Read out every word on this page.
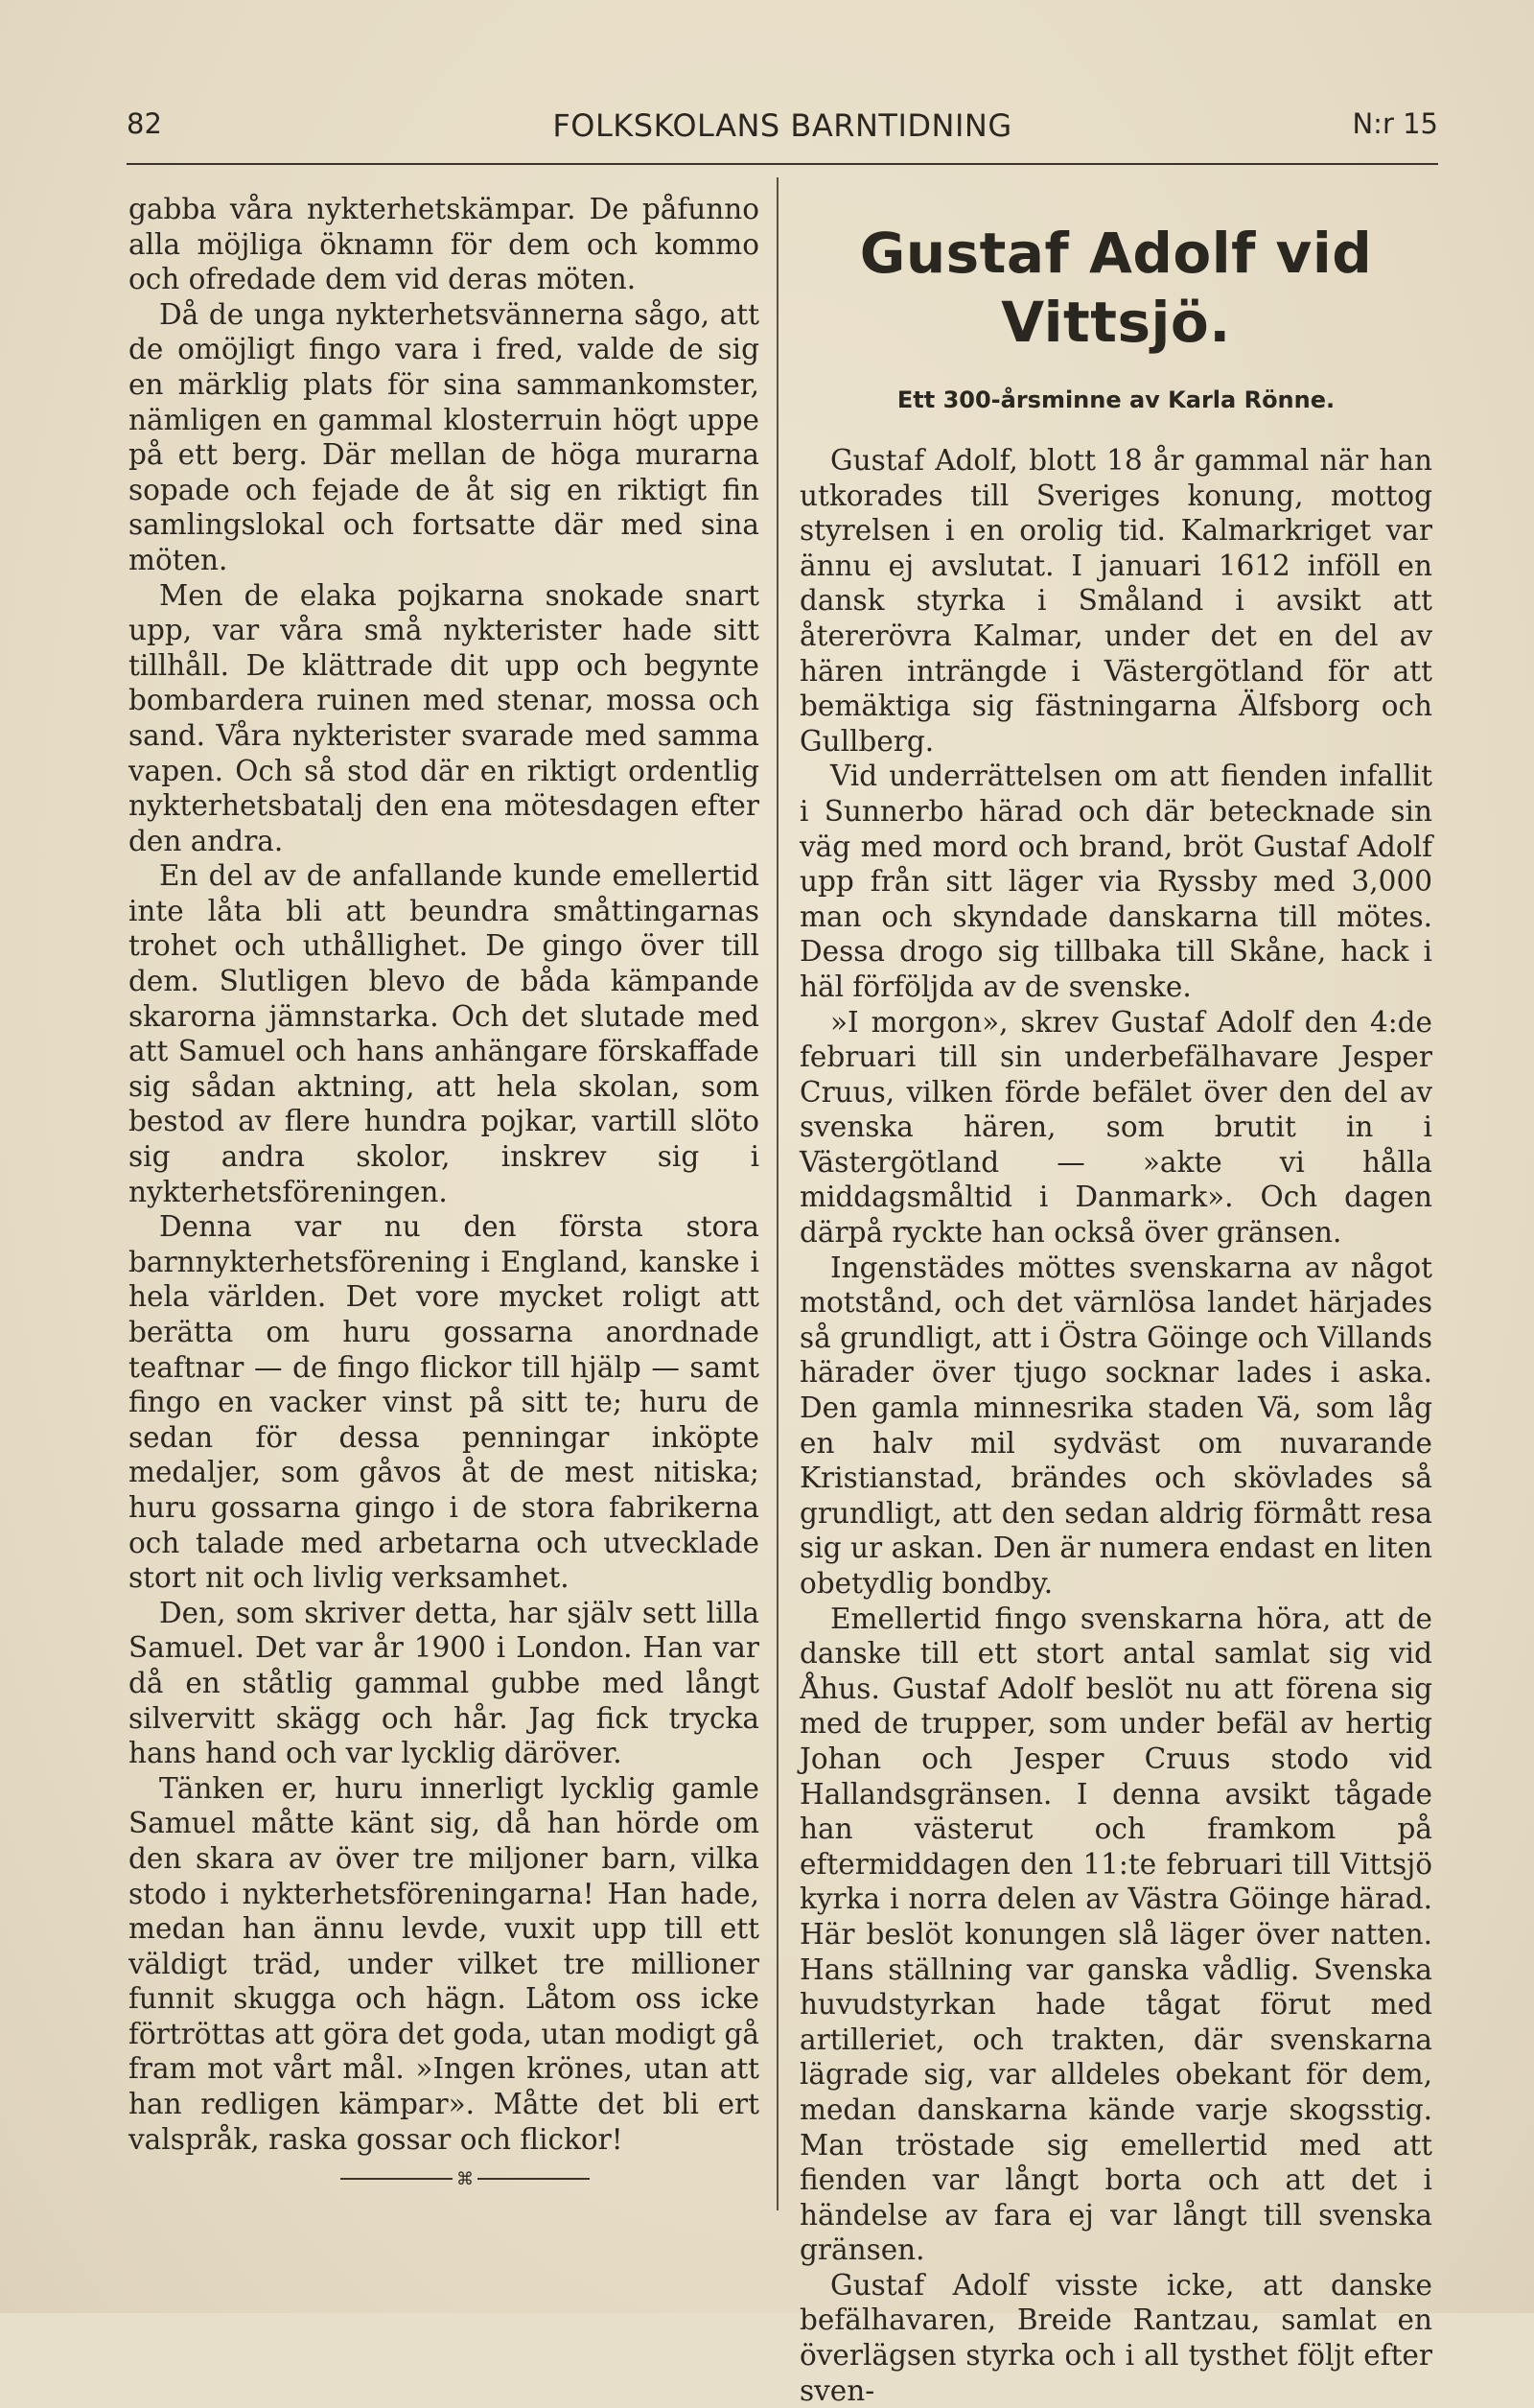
82	FOLKSKOLANS BARNTIDNING	N:r 15

gabba våra nykterhetskämpar. De påfunno alla möjliga öknamn för dem och kommo och ofredade dem vid deras möten.

Då de unga nykterhetsvännerna sågo, att de omöjligt fingo vara i fred, valde de sig en märklig plats för sina sammankomster, nämligen en gammal klosterruin högt uppe på ett berg. Där mellan de höga murarna sopade och fejade de åt sig en riktigt fin samlingslokal och fortsatte där med sina möten.

Men de elaka pojkarna snokade snart upp, var våra små nykterister hade sitt tillhåll. De klättrade dit upp och begynte bombardera ruinen med stenar, mossa och sand. Våra nykterister svarade med samma vapen. Och så stod där en riktigt ordentlig nykterhetsbatalj den ena mötesdagen efter den andra.

En del av de anfallande kunde emellertid inte låta bli att beundra småttingarnas trohet och uthållighet. De gingo över till dem. Slutligen blevo de båda kämpande skarorna jämnstarka. Och det slutade med att Samuel och hans anhängare förskaffade sig sådan aktning, att hela skolan, som bestod av flere hundra pojkar, vartill slöto sig andra skolor, inskrev sig i nykterhetsföreningen.

Denna var nu den första stora barnnykterhetsförening i England, kanske i hela världen. Det vore mycket roligt att berätta om huru gossarna anordnade teaftnar — de fingo flickor till hjälp — samt fingo en vacker vinst på sitt te; huru de sedan för dessa penningar inköpte medaljer, som gåvos åt de mest nitiska; huru gossarna gingo i de stora fabrikerna och talade med arbetarna och utvecklade stort nit och livlig verksamhet.

Den, som skriver detta, har själv sett lilla Samuel. Det var år 1900 i London. Han var då en ståtlig gammal gubbe med långt silvervitt skägg och hår. Jag fick trycka hans hand och var lycklig däröver.

Tänken er, huru innerligt lycklig gamle Samuel måtte känt sig, då han hörde om den skara av över tre miljoner barn, vilka stodo i nykterhetsföreningarna! Han hade, medan han ännu levde, vuxit upp till ett väldigt träd, under vilket tre millioner funnit skugga och hägn. Låtom oss icke förtröttas att göra det goda, utan modigt gå fram mot vårt mål. »Ingen krönes, utan att han redligen kämpar». Måtte det bli ert valspråk, raska gossar och flickor!

⌘
Gustaf Adolf vid Vittsjö.
Ett 300-årsminne av Karla Rönne.

Gustaf Adolf, blott 18 år gammal när han utkorades till Sveriges konung, mottog styrelsen i en orolig tid. Kalmarkriget var ännu ej avslutat. I januari 1612 inföll en dansk styrka i Småland i avsikt att återerövra Kalmar, under det en del av hären inträngde i Västergötland för att bemäktiga sig fästningarna Älfsborg och Gullberg.

Vid underrättelsen om att fienden infallit i Sunnerbo härad och där betecknade sin väg med mord och brand, bröt Gustaf Adolf upp från sitt läger via Ryssby med 3,000 man och skyndade danskarna till mötes. Dessa drogo sig tillbaka till Skåne, hack i häl förföljda av de svenske.

»I morgon», skrev Gustaf Adolf den 4:de februari till sin underbefälhavare Jesper Cruus, vilken förde befälet över den del av svenska hären, som brutit in i Västergötland — »akte vi hålla middagsmåltid i Danmark». Och dagen därpå ryckte han också över gränsen.

Ingenstädes möttes svenskarna av något motstånd, och det värnlösa landet härjades så grundligt, att i Östra Göinge och Villands härader över tjugo socknar lades i aska. Den gamla minnesrika staden Vä, som låg en halv mil sydväst om nuvarande Kristianstad, brändes och skövlades så grundligt, att den sedan aldrig förmått resa sig ur askan. Den är numera endast en liten obetydlig bondby.

Emellertid fingo svenskarna höra, att de danske till ett stort antal samlat sig vid Åhus. Gustaf Adolf beslöt nu att förena sig med de trupper, som under befäl av hertig Johan och Jesper Cruus stodo vid Hallandsgränsen. I denna avsikt tågade han västerut och framkom på eftermiddagen den 11:te februari till Vittsjö kyrka i norra delen av Västra Göinge härad. Här beslöt konungen slå läger över natten. Hans ställning var ganska vådlig. Svenska huvudstyrkan hade tågat förut med artilleriet, och trakten, där svenskarna lägrade sig, var alldeles obekant för dem, medan danskarna kände varje skogsstig. Man tröstade sig emellertid med att fienden var långt borta och att det i händelse av fara ej var långt till svenska gränsen.

Gustaf Adolf visste icke, att danske befälhavaren, Breide Rantzau, samlat en överlägsen styrka och i all tysthet följt efter sven-
